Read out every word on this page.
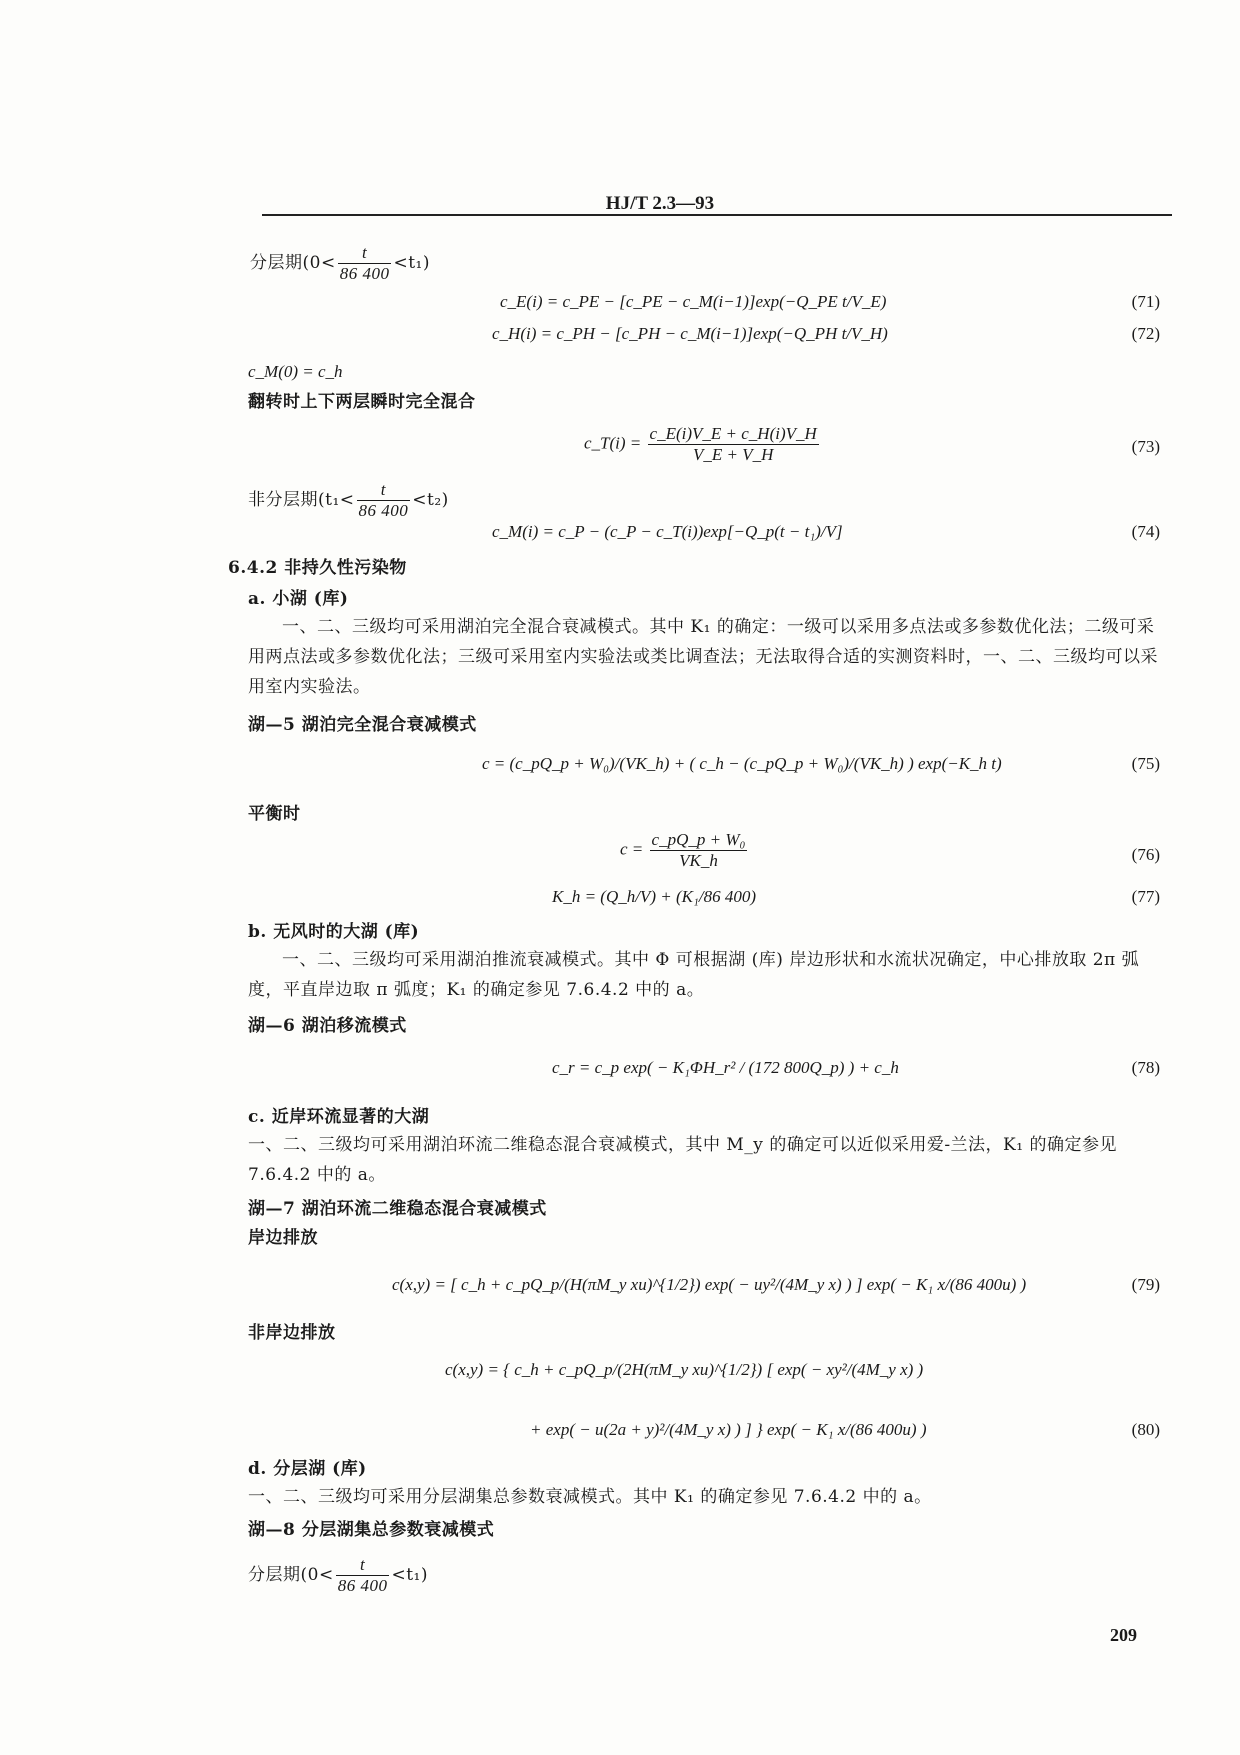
HJ/T 2.3—93
分层期$(0< \frac{t}{86 400} <t_1)$
c_E(i) = c_PE − [c_PE − c_M(i−1)]exp(−Q_PE t/V_E)	(71)
c_H(i) = c_PH − [c_PH − c_M(i−1)]exp(−Q_PH t/V_H)	(72)
c_M(0) = c_h
翻转时上下两层瞬时完全混合
c_T(i) = $\frac{c\_E(i)V\_E + c\_H(i)V\_H}{V\_E + V\_H}$	(73)
非分层期$(t_1< \frac{t}{86 400} <t_2)$
c_M(i) = c_P − (c_P − c_T(i))exp[−Q_p(t − t₁)/V]	(74)
6.4.2 非持久性污染物
a. 小湖 (库)
一、二、三级均可采用湖泊完全混合衰减模式。其中 K₁ 的确定：一级可以采用多点法或多参数优化法；二级可采用两点法或多参数优化法；三级可采用室内实验法或类比调查法；无法取得合适的实测资料时，一、二、三级均可以采用室内实验法。
湖—5 湖泊完全混合衰减模式
c = (c_pQ_p + W₀)/(VK_h) + ( c_h − (c_pQ_p + W₀)/(VK_h) ) exp(−K_h t)	(75)
平衡时
$c = \frac{\text{c\_pQ\_p + W₀}}{VK\_h}$	(76)
K_h = (Q_h/V) + (K₁/86 400)	(77)
b. 无风时的大湖 (库)
一、二、三级均可采用湖泊推流衰减模式。其中 Φ 可根据湖 (库) 岸边形状和水流状况确定，中心排放取 2π 弧度，平直岸边取 π 弧度；K₁ 的确定参见 7.6.4.2 中的 a。
湖—6 湖泊移流模式
c_r = c_p exp( − K₁ΦH_r² / (172 800Q_p) ) + c_h	(78)
c. 近岸环流显著的大湖
一、二、三级均可采用湖泊环流二维稳态混合衰减模式，其中 M_y 的确定可以近似采用爱-兰法，K₁ 的确定参见 7.6.4.2 中的 a。
湖—7 湖泊环流二维稳态混合衰减模式
岸边排放
c(x,y) = [ c_h + c_pQ_p/(H(πM_y xu)^{1/2}) exp( − uy²/(4M_y x) ) ] exp( − K₁ x/(86 400u) )	(79)
非岸边排放
c(x,y) = { c_h + c_pQ_p/(2H(πM_y xu)^{1/2}) [ exp( − xy²/(4M_y x) )
+ exp( − u(2a + y)²/(4M_y x) ) ] } exp( − K₁ x/(86 400u) )	(80)
d. 分层湖 (库)
一、二、三级均可采用分层湖集总参数衰减模式。其中 K₁ 的确定参见 7.6.4.2 中的 a。
湖—8 分层湖集总参数衰减模式
分层期$(0< \frac{t}{86 400} <t_1)$
209
